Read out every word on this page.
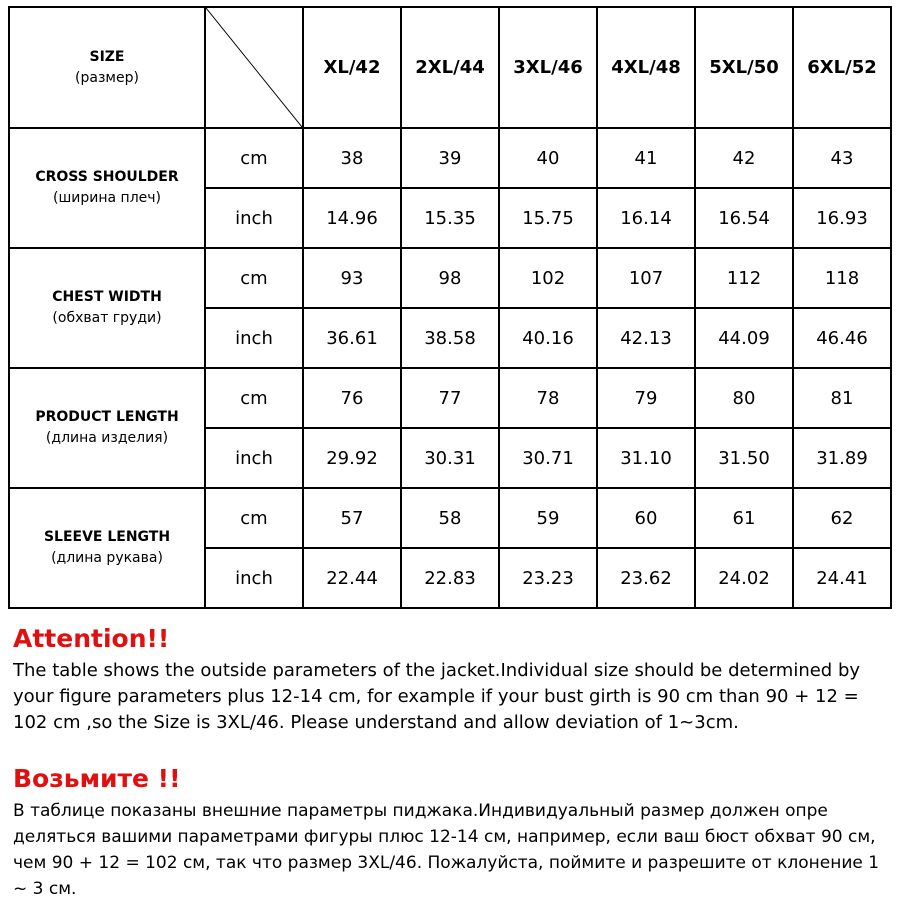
SIZE
(размер)		XL/42	2XL/44	3XL/46	4XL/48	5XL/50	6XL/52

CROSS SHOULDER
(ширина плеч)	cm	38	39	40	41	42	43
	inch	14.96	15.35	15.75	16.14	16.54	16.93

CHEST WIDTH
(обхват груди)	cm	93	98	102	107	112	118
	inch	36.61	38.58	40.16	42.13	44.09	46.46

PRODUCT LENGTH
(длина изделия)	cm	76	77	78	79	80	81
	inch	29.92	30.31	30.71	31.10	31.50	31.89

SLEEVE LENGTH
(длина рукава)	cm	57	58	59	60	61	62
	inch	22.44	22.83	23.23	23.62	24.02	24.41
Attention!!
The table shows the outside parameters of the jacket.Individual size should be determined by your figure parameters plus 12-14 cm, for example if your bust girth is 90 cm than 90 + 12 = 102 cm ,so the Size is 3XL/46. Please understand and allow deviation of 1~3cm.
Возьмите !!
В таблице показаны внешние параметры пиджака.Индивидуальный размер должен опре деляться вашими параметрами фигуры плюс 12-14 см, например, если ваш бюст обхват 90 см, чем 90 + 12 = 102 см, так что размер 3XL/46. Пожалуйста, поймите и разрешите от клонение 1 ~ 3 см.
